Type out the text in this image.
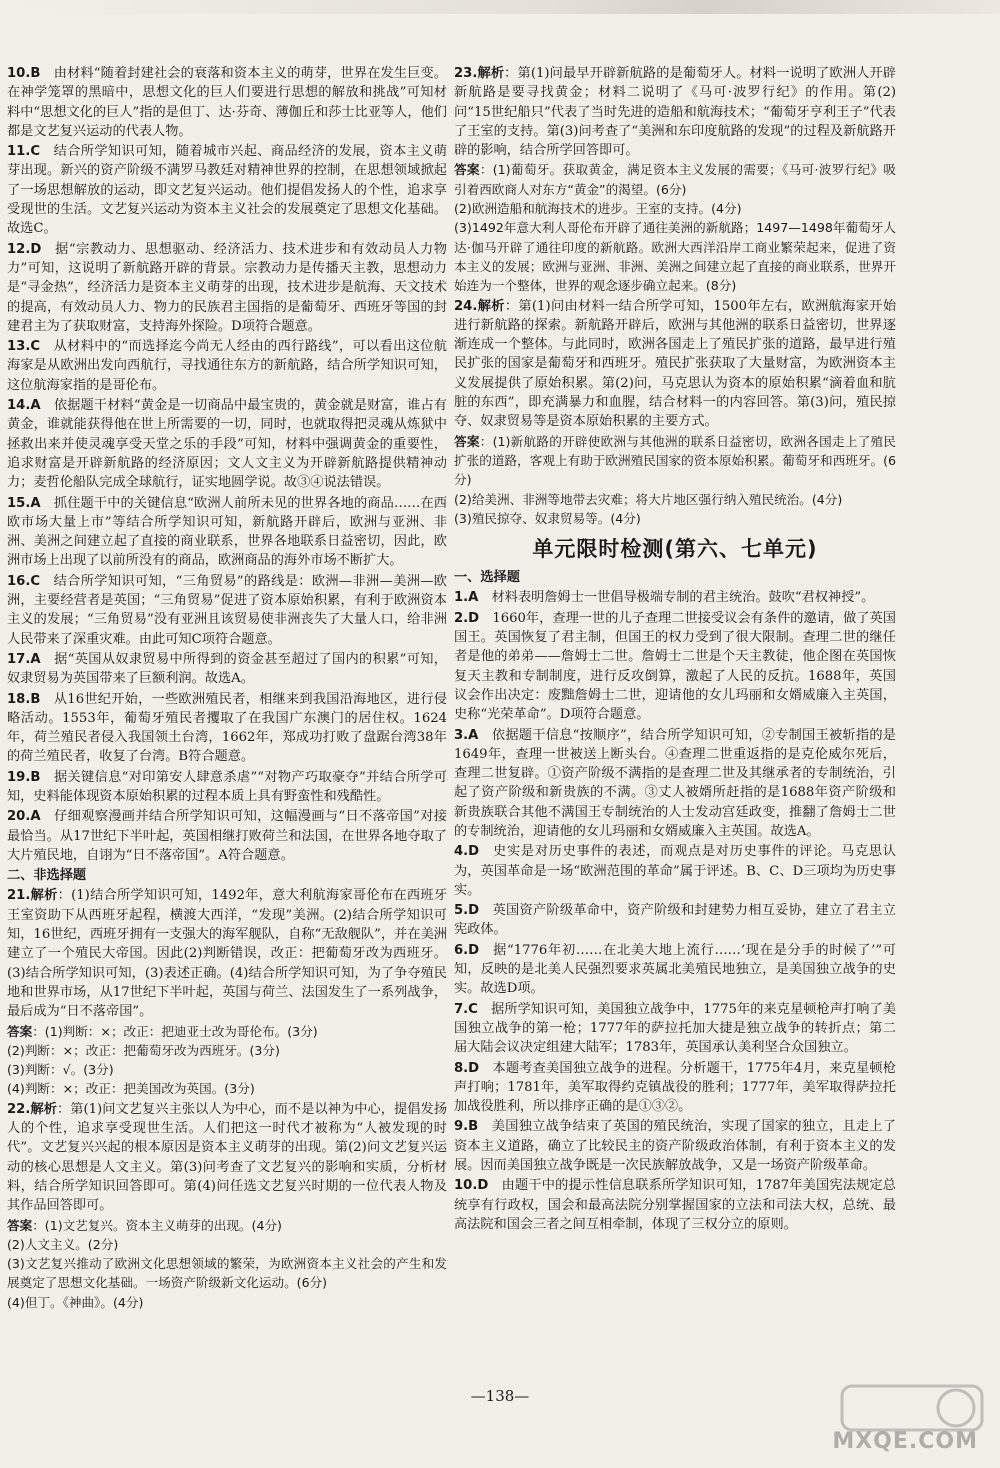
10.B  由材料“随着封建社会的衰落和资本主义的萌芽，世界在发生巨变。在神学笼罩的黑暗中，思想文化的巨人们要进行思想的解放和挑战”可知材料中“思想文化的巨人”指的是但丁、达·芬奇、薄伽丘和莎士比亚等人，他们都是文艺复兴运动的代表人物。
11.C  结合所学知识可知，随着城市兴起、商品经济的发展，资本主义萌芽出现。新兴的资产阶级不满罗马教廷对精神世界的控制，在思想领域掀起了一场思想解放的运动，即文艺复兴运动。他们提倡发扬人的个性，追求享受现世的生活。文艺复兴运动为资本主义社会的发展奠定了思想文化基础。故选C。
12.D  据“宗教动力、思想驱动、经济活力、技术进步和有效动员人力物力”可知，这说明了新航路开辟的背景。宗教动力是传播天主教，思想动力是“寻金热”，经济活力是资本主义萌芽的出现，技术进步是航海、天文技术的提高，有效动员人力、物力的民族君主国指的是葡萄牙、西班牙等国的封建君主为了获取财富，支持海外探险。D项符合题意。
13.C  从材料中的“而选择迄今尚无人经由的西行路线”，可以看出这位航海家是从欧洲出发向西航行，寻找通往东方的新航路，结合所学知识可知，这位航海家指的是哥伦布。
14.A  依据题干材料“黄金是一切商品中最宝贵的，黄金就是财富，谁占有黄金，谁就能获得他在世上所需要的一切，同时，也就取得把灵魂从炼狱中拯救出来并使灵魂享受天堂之乐的手段”可知，材料中强调黄金的重要性，追求财富是开辟新航路的经济原因；文人文主义为开辟新航路提供精神动力；麦哲伦船队完成全球航行，证实地圆学说。故③④说法错误。
15.A  抓住题干中的关键信息“欧洲人前所未见的世界各地的商品……在西欧市场大量上市”等结合所学知识可知，新航路开辟后，欧洲与亚洲、非洲、美洲之间建立起了直接的商业联系，世界各地联系日益密切，因此，欧洲市场上出现了以前所没有的商品，欧洲商品的海外市场不断扩大。
16.C  结合所学知识可知，“三角贸易”的路线是：欧洲—非洲—美洲—欧洲，主要经营者是英国；“三角贸易”促进了资本原始积累，有利于欧洲资本主义的发展；“三角贸易”没有亚洲且该贸易使非洲丧失了大量人口，给非洲人民带来了深重灾难。由此可知C项符合题意。
17.A  据“英国从奴隶贸易中所得到的资金甚至超过了国内的积累”可知，奴隶贸易为英国带来了巨额利润。故选A。
18.B  从16世纪开始，一些欧洲殖民者，相继来到我国沿海地区，进行侵略活动。1553年，葡萄牙殖民者攫取了在我国广东澳门的居住权。1624年，荷兰殖民者侵入我国领土台湾，1662年，郑成功打败了盘踞台湾38年的荷兰殖民者，收复了台湾。B符合题意。
19.B  据关键信息“对印第安人肆意杀虐”“对物产巧取豪夺”并结合所学可知，史料能体现资本原始积累的过程本质上具有野蛮性和残酷性。
20.A  仔细观察漫画并结合所学知识可知，这幅漫画与“日不落帝国”对接最恰当。从17世纪下半叶起，英国相继打败荷兰和法国，在世界各地夺取了大片殖民地，自诩为“日不落帝国”。A符合题意。
二、非选择题
21.解析：(1)结合所学知识可知，1492年，意大利航海家哥伦布在西班牙王室资助下从西班牙起程，横渡大西洋，“发现”美洲。(2)结合所学知识可知，16世纪，西班牙拥有一支强大的海军舰队，自称“无敌舰队”，并在美洲建立了一个殖民大帝国。因此(2)判断错误，改正：把葡萄牙改为西班牙。(3)结合所学知识可知，(3)表述正确。(4)结合所学知识可知，为了争夺殖民地和世界市场，从17世纪下半叶起，英国与荷兰、法国发生了一系列战争，最后成为“日不落帝国”。
答案：(1)判断：×；改正：把迪亚士改为哥伦布。(3分)
(2)判断：×；改正：把葡萄牙改为西班牙。(3分)
(3)判断：√。(3分)
(4)判断：×；改正：把美国改为英国。(3分)
22.解析：第(1)问文艺复兴主张以人为中心，而不是以神为中心，提倡发扬人的个性，追求享受现世生活。人们把这一时代才被称为“人被发现的时代”。文艺复兴兴起的根本原因是资本主义萌芽的出现。第(2)问文艺复兴运动的核心思想是人文主义。第(3)问考查了文艺复兴的影响和实质，分析材料，结合所学知识回答即可。第(4)问任选文艺复兴时期的一位代表人物及其作品回答即可。
答案：(1)文艺复兴。资本主义萌芽的出现。(4分)
(2)人文主义。(2分)
(3)文艺复兴推动了欧洲文化思想领域的繁荣，为欧洲资本主义社会的产生和发展奠定了思想文化基础。一场资产阶级新文化运动。(6分)
(4)但丁。《神曲》。(4分)
23.解析：第(1)问最早开辟新航路的是葡萄牙人。材料一说明了欧洲人开辟新航路是要寻找黄金；材料二说明了《马可·波罗行纪》的作用。第(2)问“15世纪船只”代表了当时先进的造船和航海技术；“葡萄牙亨利王子”代表了王室的支持。第(3)问考查了“美洲和东印度航路的发现”的过程及新航路开辟的影响，结合所学回答即可。
答案：(1)葡萄牙。获取黄金，满足资本主义发展的需要；《马可·波罗行纪》吸引着西欧商人对东方“黄金”的渴望。(6分)
(2)欧洲造船和航海技术的进步。王室的支持。(4分)
(3)1492年意大利人哥伦布开辟了通往美洲的新航路；1497—1498年葡萄牙人达·伽马开辟了通往印度的新航路。欧洲大西洋沿岸工商业繁荣起来，促进了资本主义的发展；欧洲与亚洲、非洲、美洲之间建立起了直接的商业联系，世界开始连为一个整体，世界的观念逐步确立起来。(8分)
24.解析：第(1)问由材料一结合所学可知，1500年左右，欧洲航海家开始进行新航路的探索。新航路开辟后，欧洲与其他洲的联系日益密切，世界逐渐连成一个整体。与此同时，欧洲各国走上了殖民扩张的道路，最早进行殖民扩张的国家是葡萄牙和西班牙。殖民扩张获取了大量财富，为欧洲资本主义发展提供了原始积累。第(2)问，马克思认为资本的原始积累“滴着血和肮脏的东西”，即充满暴力和血腥，结合材料一的内容回答。第(3)问，殖民掠夺、奴隶贸易等是资本原始积累的主要方式。
答案：(1)新航路的开辟使欧洲与其他洲的联系日益密切，欧洲各国走上了殖民扩张的道路，客观上有助于欧洲殖民国家的资本原始积累。葡萄牙和西班牙。(6分)
(2)给美洲、非洲等地带去灾难；将大片地区强行纳入殖民统治。(4分)
(3)殖民掠夺、奴隶贸易等。(4分)
单元限时检测(第六、七单元)
一、选择题
1.A  材料表明詹姆士一世倡导极端专制的君主统治。鼓吹“君权神授”。
2.D  1660年，查理一世的儿子查理二世接受议会有条件的邀请，做了英国国王。英国恢复了君主制，但国王的权力受到了很大限制。查理二世的继任者是他的弟弟——詹姆士二世。詹姆士二世是个天主教徒，他企图在英国恢复天主教和专制制度，进行反攻倒算，激起了人民的反抗。1688年，英国议会作出决定：废黜詹姆士二世，迎请他的女儿玛丽和女婿威廉入主英国，史称“光荣革命”。D项符合题意。
3.A  依据题干信息“按顺序”，结合所学知识可知，②专制国王被斩指的是1649年，查理一世被送上断头台。④查理二世重返指的是克伦威尔死后，查理二世复辟。①资产阶级不满指的是查理二世及其继承者的专制统治，引起了资产阶级和新贵族的不满。③丈人被婿所赶指的是1688年资产阶级和新贵族联合其他不满国王专制统治的人士发动宫廷政变，推翻了詹姆士二世的专制统治，迎请他的女儿玛丽和女婿威廉入主英国。故选A。
4.D  史实是对历史事件的表述，而观点是对历史事件的评论。马克思认为，英国革命是一场“欧洲范围的革命”属于评述。B、C、D三项均为历史事实。
5.D  英国资产阶级革命中，资产阶级和封建势力相互妥协，建立了君主立宪政体。
6.D  据“1776年初……在北美大地上流行……‘现在是分手的时候了’”可知，反映的是北美人民强烈要求英属北美殖民地独立，是美国独立战争的史实。故选D项。
7.C  据所学知识可知，美国独立战争中，1775年的来克星顿枪声打响了美国独立战争的第一枪；1777年的萨拉托加大捷是独立战争的转折点；第二届大陆会议决定组建大陆军；1783年，英国承认美利坚合众国独立。
8.D  本题考查美国独立战争的进程。分析题干，1775年4月，来克星顿枪声打响；1781年，美军取得约克镇战役的胜利；1777年，美军取得萨拉托加战役胜利，所以排序正确的是①③②。
9.B  美国独立战争结束了英国的殖民统治，实现了国家的独立，且走上了资本主义道路，确立了比较民主的资产阶级政治体制，有利于资本主义的发展。因而美国独立战争既是一次民族解放战争，又是一场资产阶级革命。
10.D  由题干中的提示性信息联系所学知识可知，1787年美国宪法规定总统享有行政权，国会和最高法院分别掌握国家的立法和司法大权，总统、最高法院和国会三者之间互相牵制，体现了三权分立的原则。
—138—
MXQE.COM
